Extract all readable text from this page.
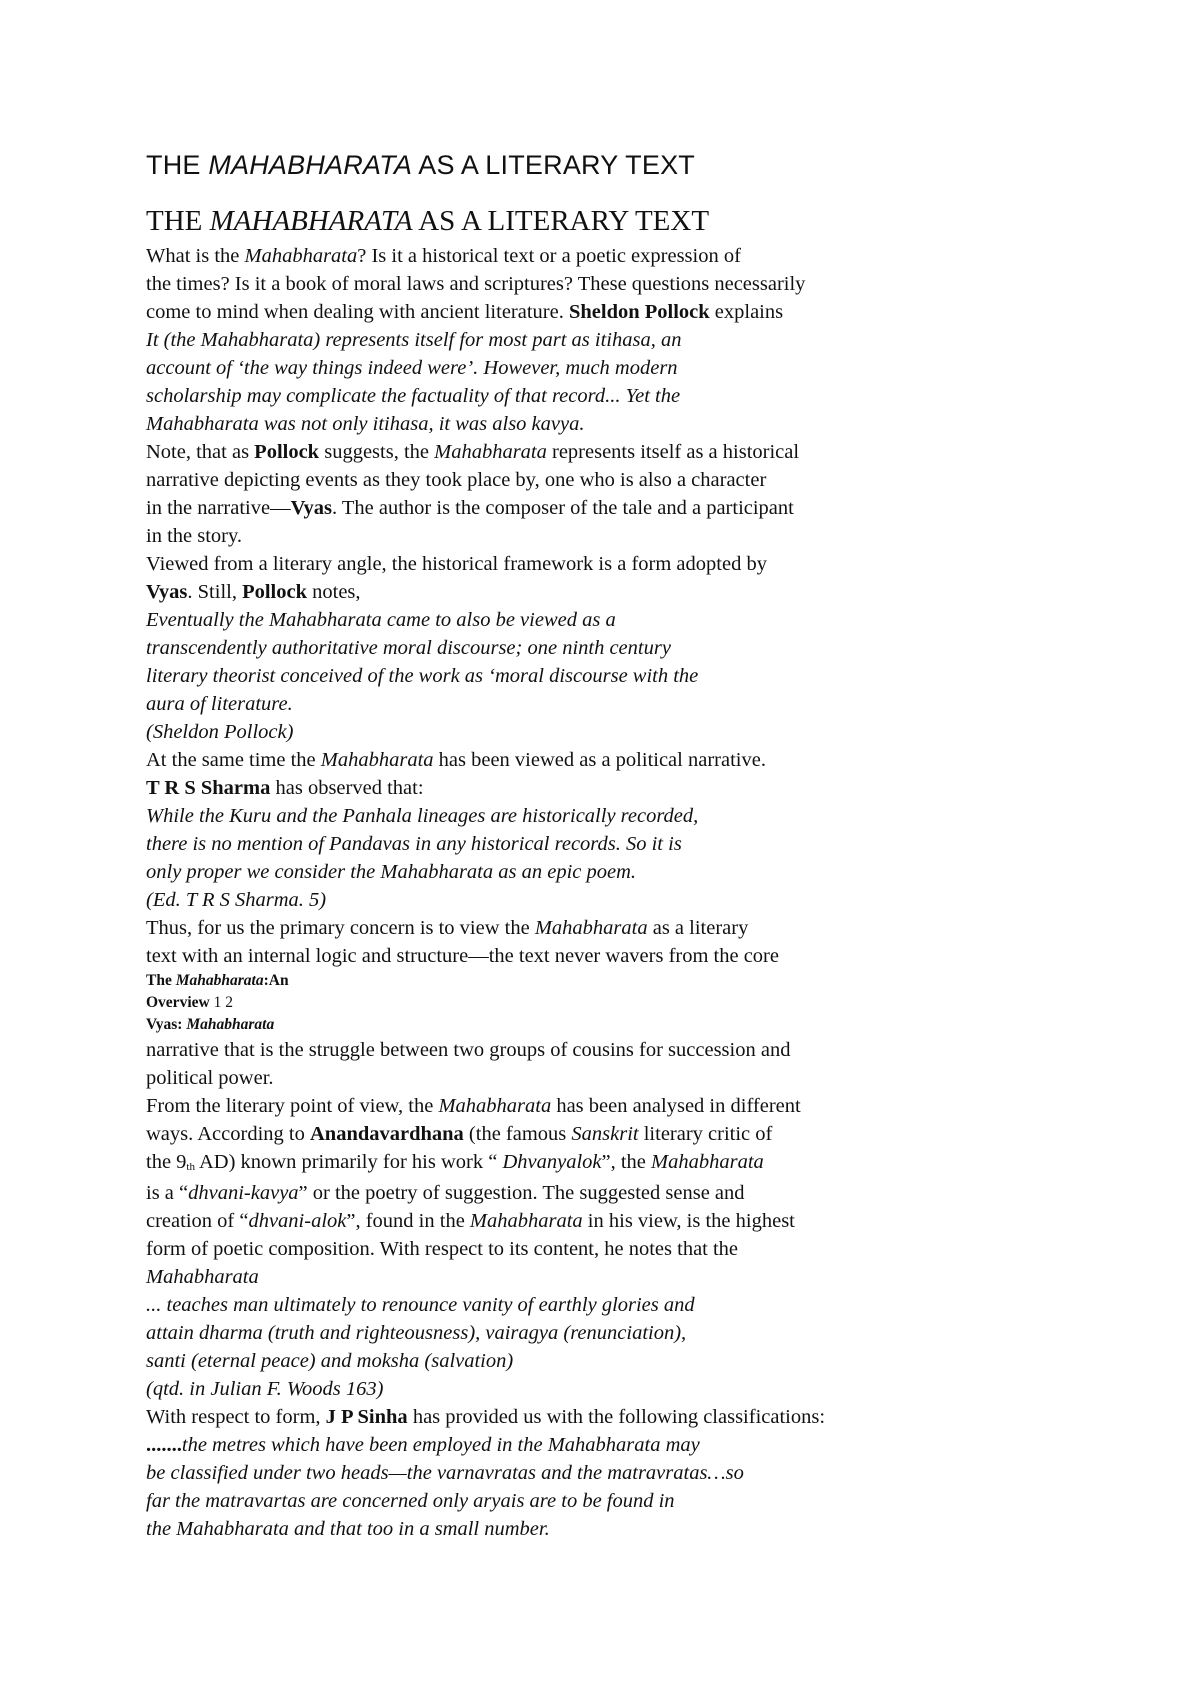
THE MAHABHARATA AS A LITERARY TEXT
THE MAHABHARATA AS A LITERARY TEXT
What is the Mahabharata? Is it a historical text or a poetic expression of
the times? Is it a book of moral laws and scriptures? These questions necessarily
come to mind when dealing with ancient literature. Sheldon Pollock explains
It (the Mahabharata) represents itself for most part as itihasa, an
account of ‘the way things indeed were’. However, much modern
scholarship may complicate the factuality of that record... Yet the
Mahabharata was not only itihasa, it was also kavya.
Note, that as Pollock suggests, the Mahabharata represents itself as a historical
narrative depicting events as they took place by, one who is also a character
in the narrative—Vyas. The author is the composer of the tale and a participant
in the story.
Viewed from a literary angle, the historical framework is a form adopted by
Vyas. Still, Pollock notes,
Eventually the Mahabharata came to also be viewed as a
transcendently authoritative moral discourse; one ninth century
literary theorist conceived of the work as ‘moral discourse with the
aura of literature.
(Sheldon Pollock)
At the same time the Mahabharata has been viewed as a political narrative.
T R S Sharma has observed that:
While the Kuru and the Panhala lineages are historically recorded,
there is no mention of Pandavas in any historical records. So it is
only proper we consider the Mahabharata as an epic poem.
(Ed. T R S Sharma. 5)
Thus, for us the primary concern is to view the Mahabharata as a literary
text with an internal logic and structure—the text never wavers from the core
The Mahabharata:An
Overview 1 2
Vyas: Mahabharata
narrative that is the struggle between two groups of cousins for succession and
political power.
From the literary point of view, the Mahabharata has been analysed in different
ways. According to Anandavardhana (the famous Sanskrit literary critic of
the 9th AD) known primarily for his work “ Dhvanyalok”, the Mahabharata
is a “dhvani-kavya” or the poetry of suggestion. The suggested sense and
creation of “dhvani-alok”, found in the Mahabharata in his view, is the highest
form of poetic composition. With respect to its content, he notes that the
Mahabharata
... teaches man ultimately to renounce vanity of earthly glories and
attain dharma (truth and righteousness), vairagya (renunciation),
santi (eternal peace) and moksha (salvation)
(qtd. in Julian F. Woods 163)
With respect to form, J P Sinha has provided us with the following classifications:
.......the metres which have been employed in the Mahabharata may
be classified under two heads—the varnavratas and the matravratas…so
far the matravartas are concerned only aryais are to be found in
the Mahabharata and that too in a small number.
